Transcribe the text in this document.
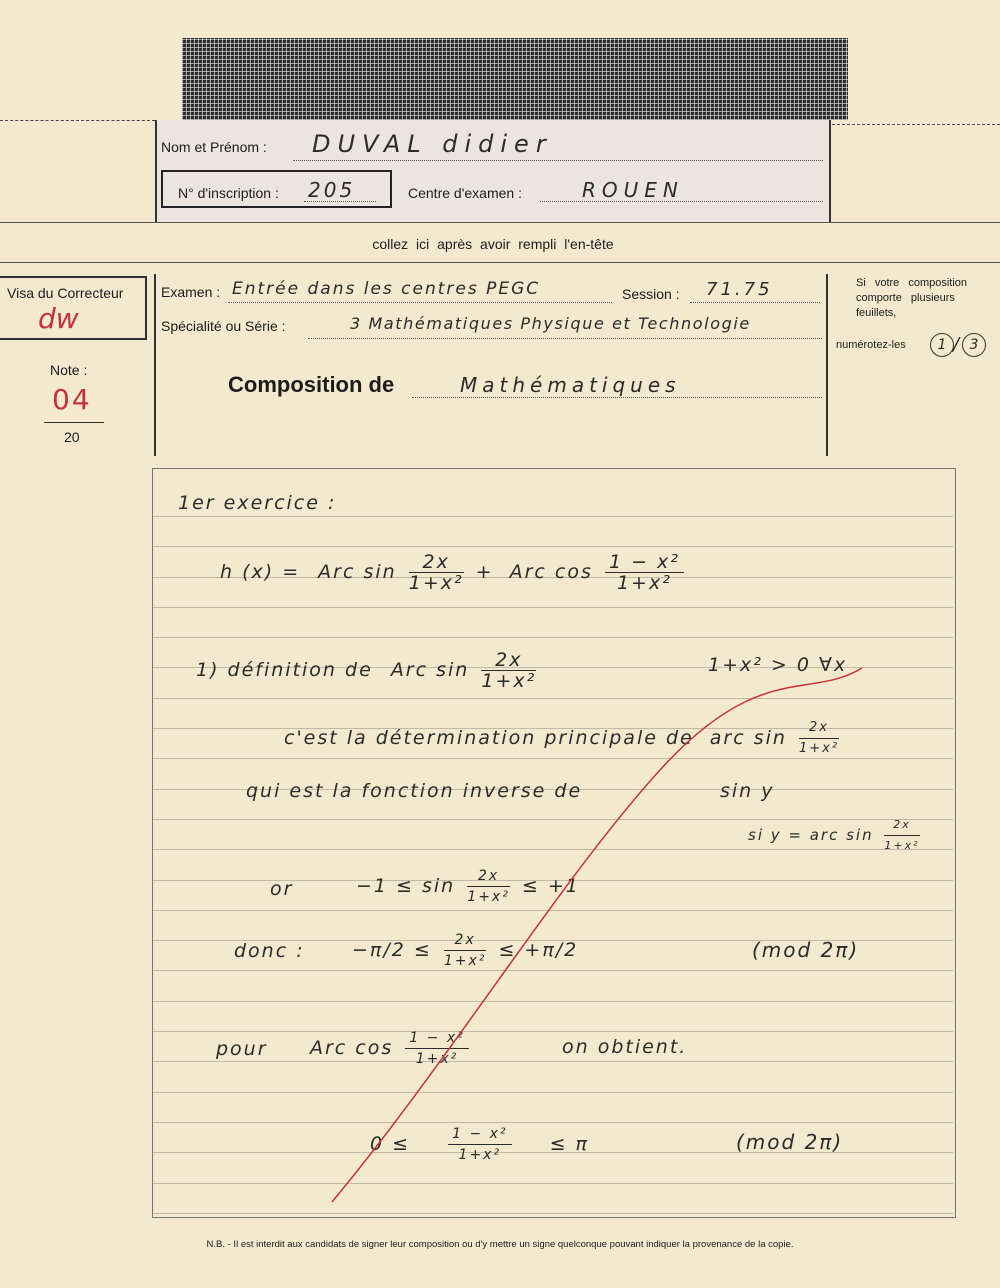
Nom et Prénom : DUVAL didier
N° d'inscription : 205	Centre d'examen :	ROUEN
collez ici après avoir rempli l'en-tête
Visa du Correcteur
dw
Note :
04
20
Examen : Entrée dans les centres PEGC	Session : 71.75
Spécialité ou Série :	3 Mathématiques Physique et Technologie
Composition de	Mathématiques
Si votre composition
comporte plusieurs
feuillets,
numérotez-les	1 / 3
1er exercice :
h (x) = Arc $\sin \frac{2x}{\text{1+x²}}$ + Arc $\cos \frac{\text{1 − x²}}{\text{1+x²}}$
1) définition de Arc $\sin \frac{2x}{\text{1+x²}}$	1+x² > 0 ∀x
c'est la détermination principale de arc $\sin \frac{2x}{\text{1+x²}}$
qui est la fonction inverse de	sin y
si y = arc $\sin \frac{2x}{\text{1+x²}}$
or	$-1 \le \sin \frac{2x}{\text{1+x²}} \le +1$
donc : $-\pi/2 \le \frac{2x}{\text{1+x²}} \le +\pi/2$	(mod 2π)
pour Arc $\cos \frac{\text{1 − x²}}{\text{1+x²}}$	on obtient.
0 ≤	$\frac{\text{1 − x²}}{\text{1+x²}} \le \pi$	(mod 2π)
N.B. - Il est interdit aux candidats de signer leur composition ou d'y mettre un signe quelconque pouvant indiquer la provenance de la copie.
